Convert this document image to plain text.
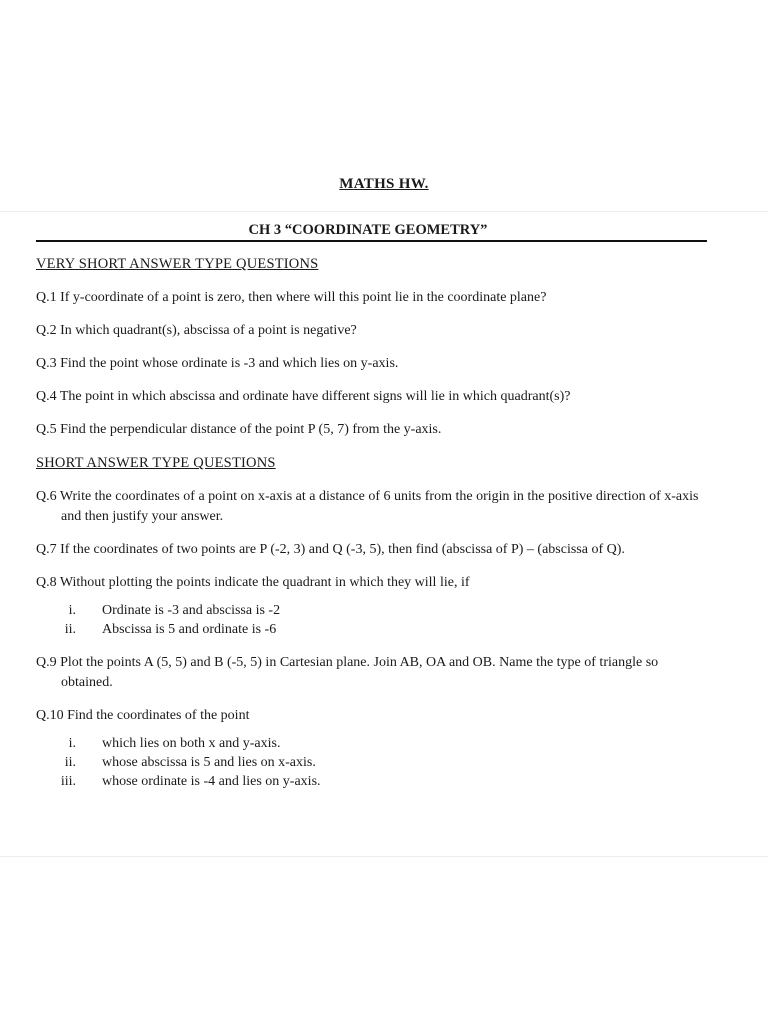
MATHS HW.
CH 3 “COORDINATE GEOMETRY”
VERY SHORT ANSWER TYPE QUESTIONS
Q.1 If y-coordinate of a point is zero, then where will this point lie in the coordinate plane?
Q.2 In which quadrant(s), abscissa of a point is negative?
Q.3 Find the point whose ordinate is -3 and which lies on y-axis.
Q.4 The point in which abscissa and ordinate have different signs will lie in which quadrant(s)?
Q.5 Find the perpendicular distance of the point P (5, 7) from the y-axis.
SHORT ANSWER TYPE QUESTIONS
Q.6 Write the coordinates of a point on x-axis at a distance of 6 units from the origin in the positive direction of x-axis and then justify your answer.
Q.7 If the coordinates of two points are P (-2, 3) and Q (-3, 5), then find (abscissa of P) – (abscissa of Q).
Q.8 Without plotting the points indicate the quadrant in which they will lie, if
i.	Ordinate is -3 and abscissa is -2
ii.	Abscissa is 5 and ordinate is -6
Q.9 Plot the points A (5, 5) and B (-5, 5) in Cartesian plane. Join AB, OA and OB. Name the type of triangle so obtained.
Q.10 Find the coordinates of the point
i.	which lies on both x and y-axis.
ii.	whose abscissa is 5 and lies on x-axis.
iii.	whose ordinate is -4 and lies on y-axis.
